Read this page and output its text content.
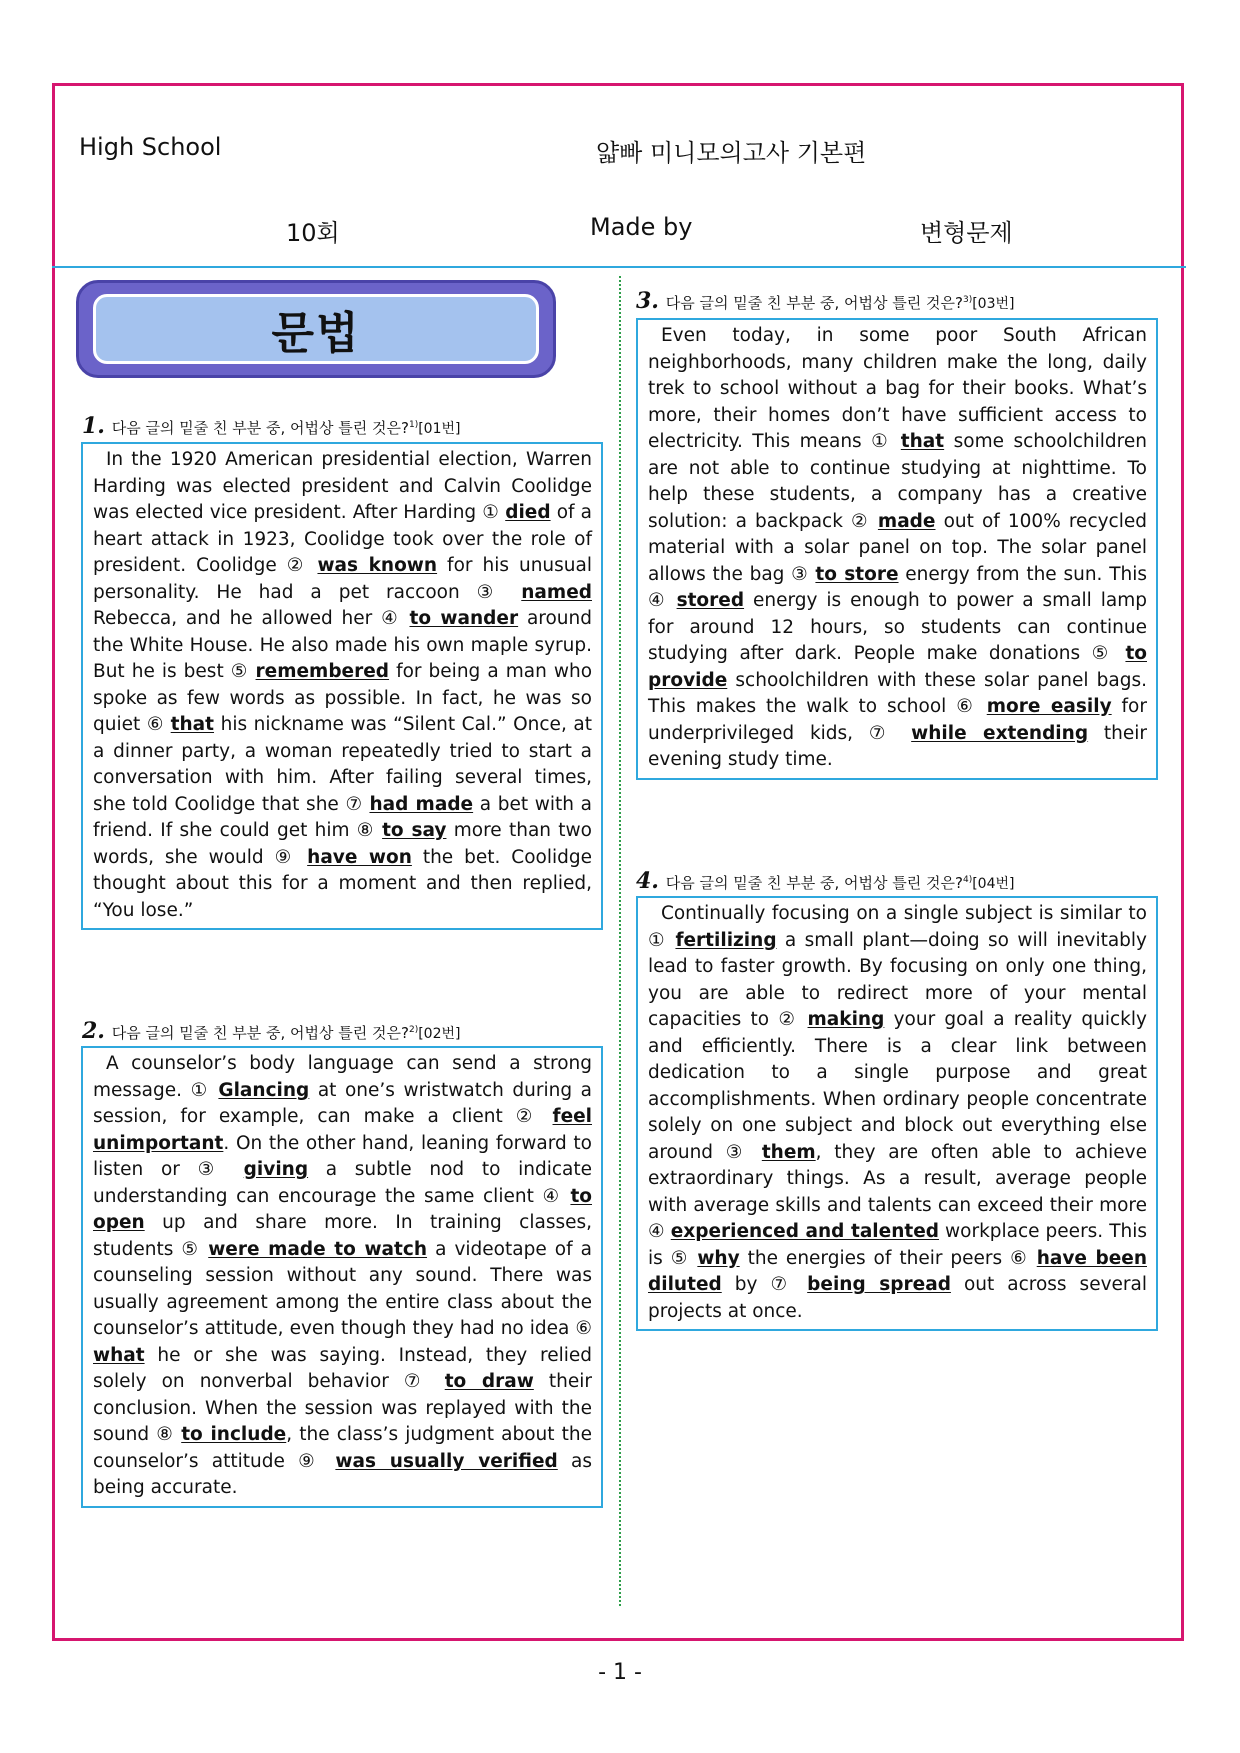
High School	얇빠 미니모의고사 기본편
10회	Made by	변형문제
문법
1. 다음 글의 밑줄 친 부분 중, 어법상 틀린 것은?$^{1)}$[01번]

In the 1920 American presidential election, Warren Harding was elected president and Calvin Coolidge was elected vice president. After Harding ① died of a heart attack in 1923, Coolidge took over the role of president. Coolidge ② was known for his unusual personality. He had a pet raccoon ③ named Rebecca, and he allowed her ④ to wander around the White House. He also made his own maple syrup. But he is best ⑤ remembered for being a man who spoke as few words as possible. In fact, he was so quiet ⑥ that his nickname was “Silent Cal.” Once, at a dinner party, a woman repeatedly tried to start a conversation with him. After failing several times, she told Coolidge that she ⑦ had made a bet with a friend. If she could get him ⑧ to say more than two words, she would ⑨ have won the bet. Coolidge thought about this for a moment and then replied, “You lose.”

2. 다음 글의 밑줄 친 부분 중, 어법상 틀린 것은?$^{2)}$[02번]

A counselor’s body language can send a strong message. ① Glancing at one’s wristwatch during a session, for example, can make a client ② feel unimportant. On the other hand, leaning forward to listen or ③ giving a subtle nod to indicate understanding can encourage the same client ④ to open up and share more. In training classes, students ⑤ were made to watch a videotape of a counseling session without any sound. There was usually agreement among the entire class about the counselor’s attitude, even though they had no idea ⑥ what he or she was saying. Instead, they relied solely on nonverbal behavior ⑦ to draw their conclusion. When the session was replayed with the sound ⑧ to include, the class’s judgment about the counselor’s attitude ⑨ was usually verified as being accurate.

3. 다음 글의 밑줄 친 부분 중, 어법상 틀린 것은?$^{3)}$[03번]

Even today, in some poor South African neighborhoods, many children make the long, daily trek to school without a bag for their books. What’s more, their homes don’t have sufficient access to electricity. This means ① that some schoolchildren are not able to continue studying at nighttime. To help these students, a company has a creative solution: a backpack ② made out of 100% recycled material with a solar panel on top. The solar panel allows the bag ③ to store energy from the sun. This ④ stored energy is enough to power a small lamp for around 12 hours, so students can continue studying after dark. People make donations ⑤ to provide schoolchildren with these solar panel bags. This makes the walk to school ⑥ more easily for underprivileged kids, ⑦ while extending their evening study time.

4. 다음 글의 밑줄 친 부분 중, 어법상 틀린 것은?$^{4)}$[04번]

Continually focusing on a single subject is similar to ① fertilizing a small plant—doing so will inevitably lead to faster growth. By focusing on only one thing, you are able to redirect more of your mental capacities to ② making your goal a reality quickly and efficiently. There is a clear link between dedication to a single purpose and great accomplishments. When ordinary people concentrate solely on one subject and block out everything else around ③ them, they are often able to achieve extraordinary things. As a result, average people with average skills and talents can exceed their more ④ experienced and talented workplace peers. This is ⑤ why the energies of their peers ⑥ have been diluted by ⑦ being spread out across several projects at once.

- 1 -
